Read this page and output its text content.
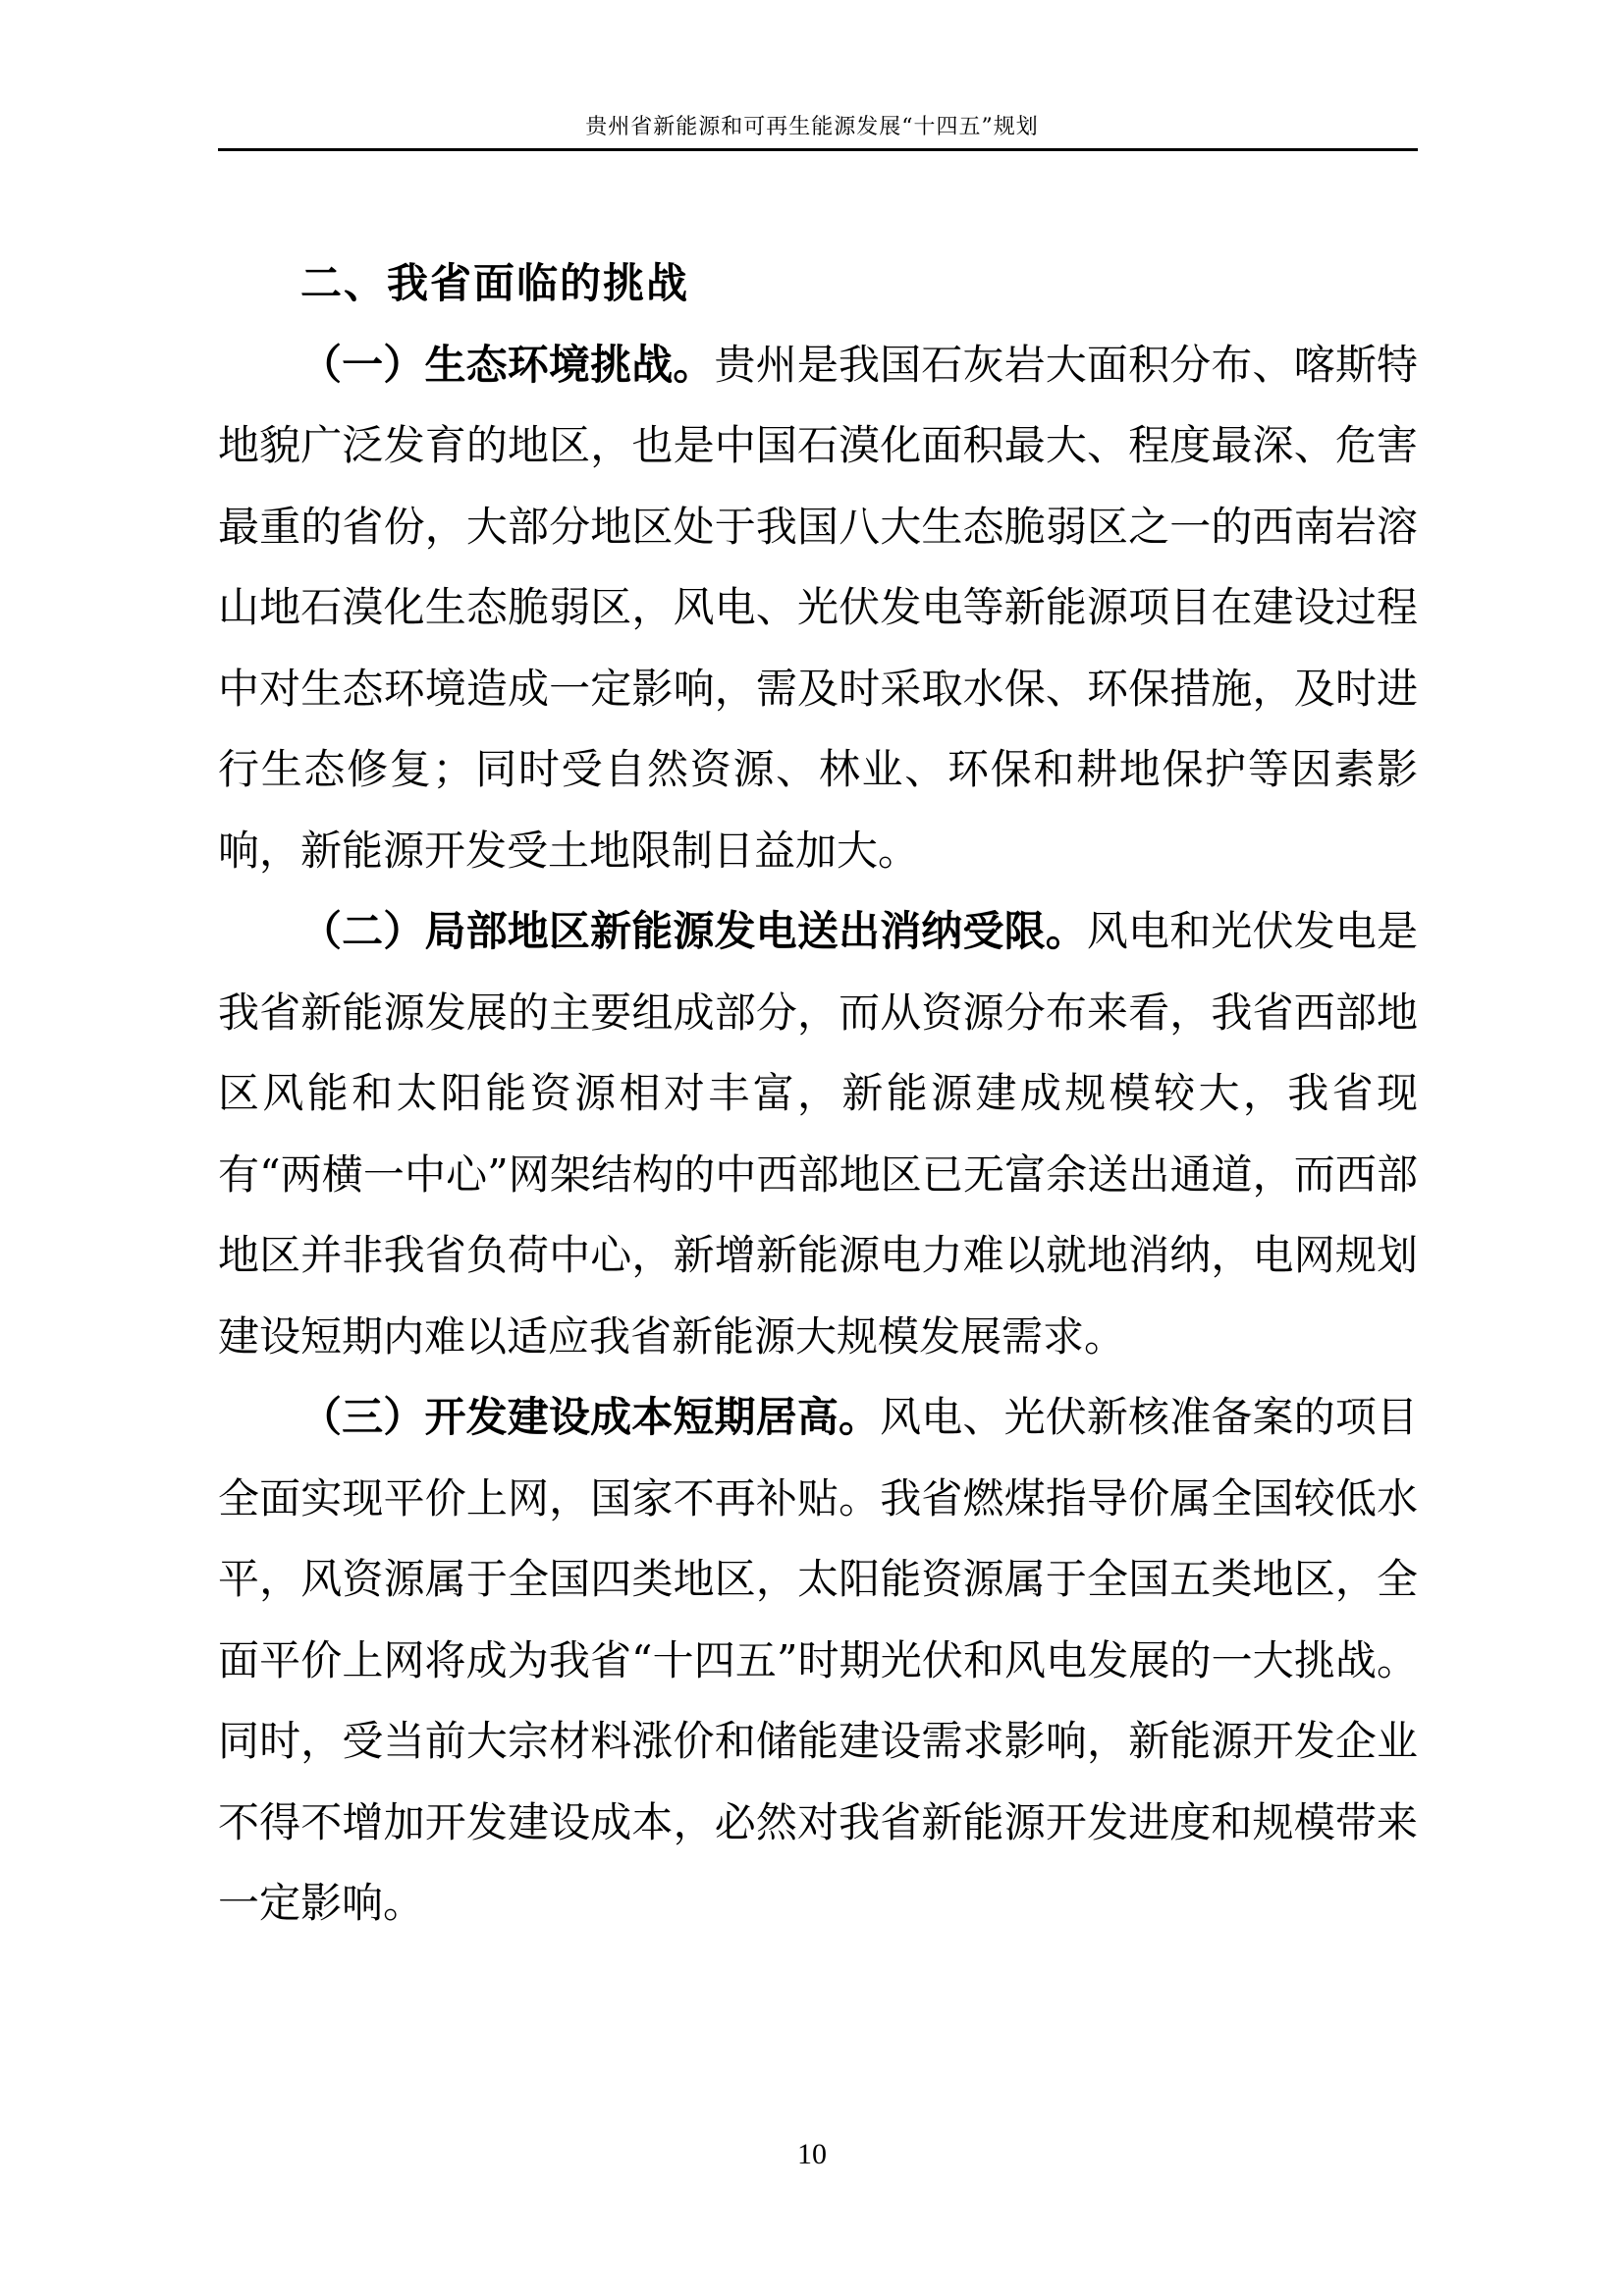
贵州省新能源和可再生能源发展“十四五”规划

二、我省面临的挑战

（一）生态环境挑战。贵州是我国石灰岩大面积分布、喀斯特地貌广泛发育的地区，也是中国石漠化面积最大、程度最深、危害最重的省份，大部分地区处于我国八大生态脆弱区之一的西南岩溶山地石漠化生态脆弱区，风电、光伏发电等新能源项目在建设过程中对生态环境造成一定影响，需及时采取水保、环保措施，及时进行生态修复；同时受自然资源、林业、环保和耕地保护等因素影响，新能源开发受土地限制日益加大。

（二）局部地区新能源发电送出消纳受限。风电和光伏发电是我省新能源发展的主要组成部分，而从资源分布来看，我省西部地区风能和太阳能资源相对丰富，新能源建成规模较大，我省现有“两横一中心”网架结构的中西部地区已无富余送出通道，而西部地区并非我省负荷中心，新增新能源电力难以就地消纳，电网规划建设短期内难以适应我省新能源大规模发展需求。

（三）开发建设成本短期居高。风电、光伏新核准备案的项目全面实现平价上网，国家不再补贴。我省燃煤指导价属全国较低水平，风资源属于全国四类地区，太阳能资源属于全国五类地区，全面平价上网将成为我省“十四五”时期光伏和风电发展的一大挑战。同时，受当前大宗材料涨价和储能建设需求影响，新能源开发企业不得不增加开发建设成本，必然对我省新能源开发进度和规模带来一定影响。

10
